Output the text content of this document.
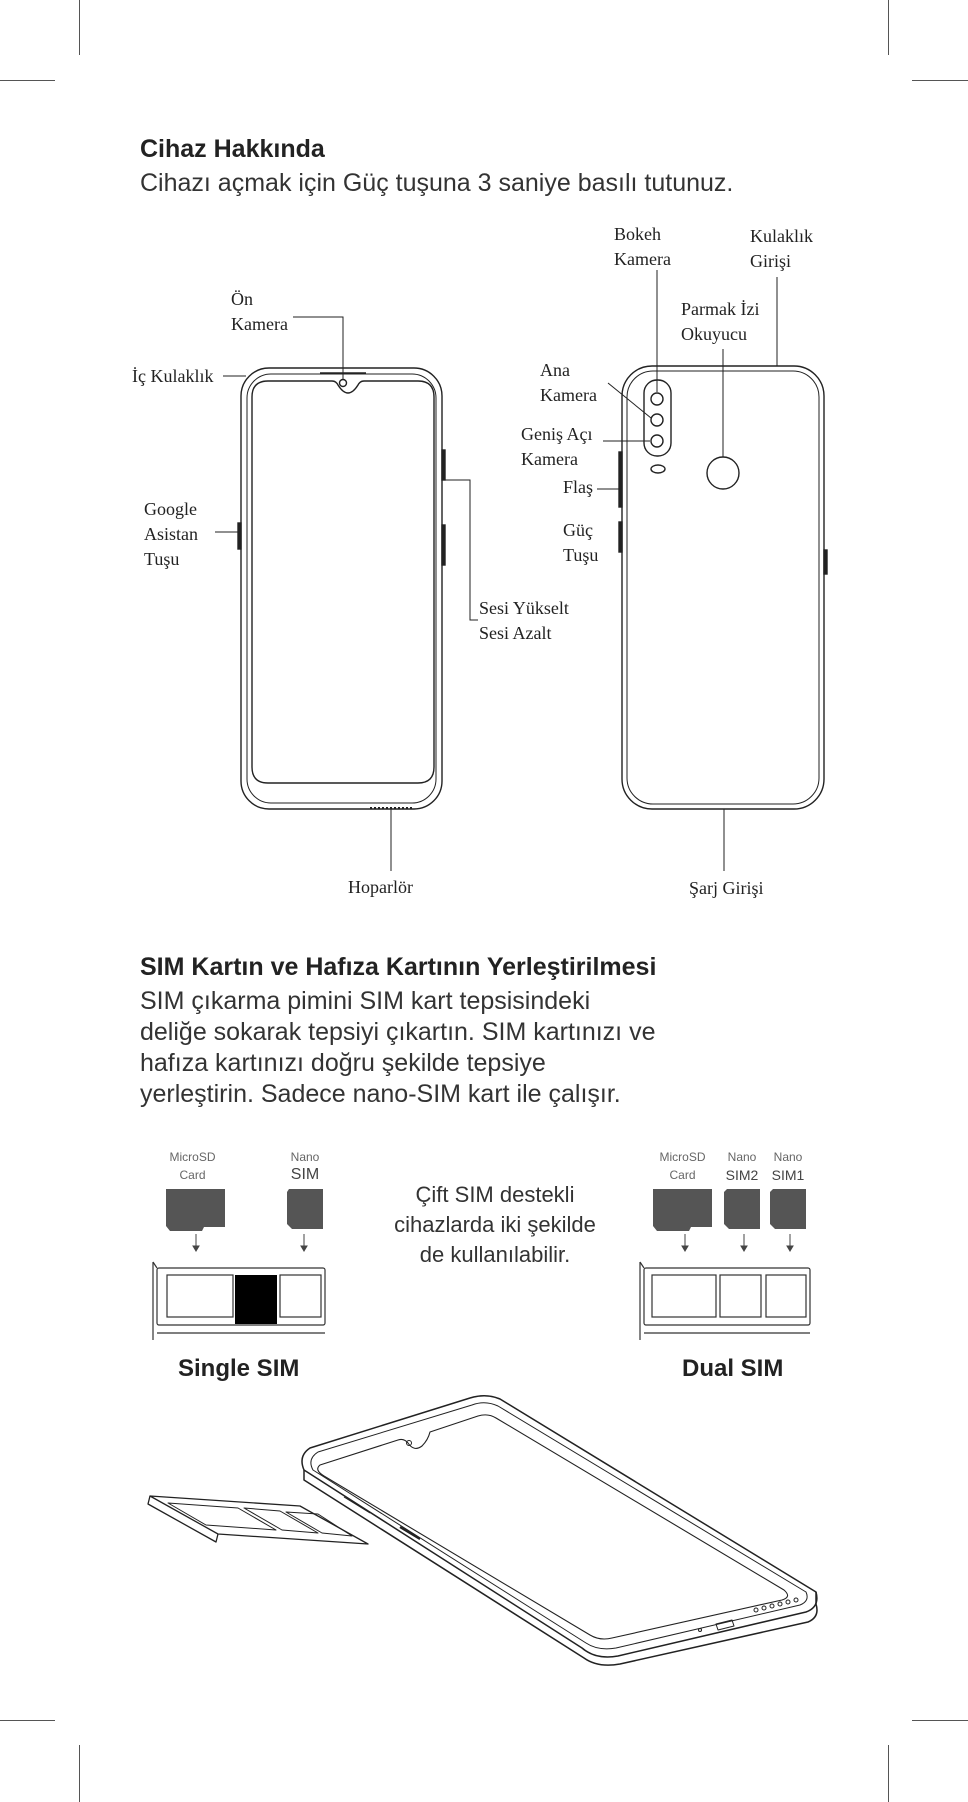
Cihaz Hakkında
Cihazı açmak için Güç tuşuna 3 saniye basılı tutunuz.
Ön
Kamera
İç Kulaklık
Google
Asistan
Tuşu
Sesi Yükselt
Sesi Azalt
Hoparlör
Bokeh
Kamera
Kulaklık
Girişi
Parmak İzi
Okuyucu
Ana
Kamera
Geniş Açı
Kamera
Flaş
Güç
Tuşu
Şarj Girişi
SIM Kartın ve Hafıza Kartının Yerleştirilmesi
SIM çıkarma pimini SIM kart tepsisindeki
deliğe sokarak tepsiyi çıkartın. SIM kartınızı ve
hafıza kartınızı doğru şekilde tepsiye
yerleştirin. Sadece nano-SIM kart ile çalışır.
MicroSD
Card
Nano
SIM
MicroSD
Card
Nano
SIM2
Nano
SIM1
Çift SIM destekli
cihazlarda iki şekilde
de kullanılabilir.
Single SIM	Dual SIM
